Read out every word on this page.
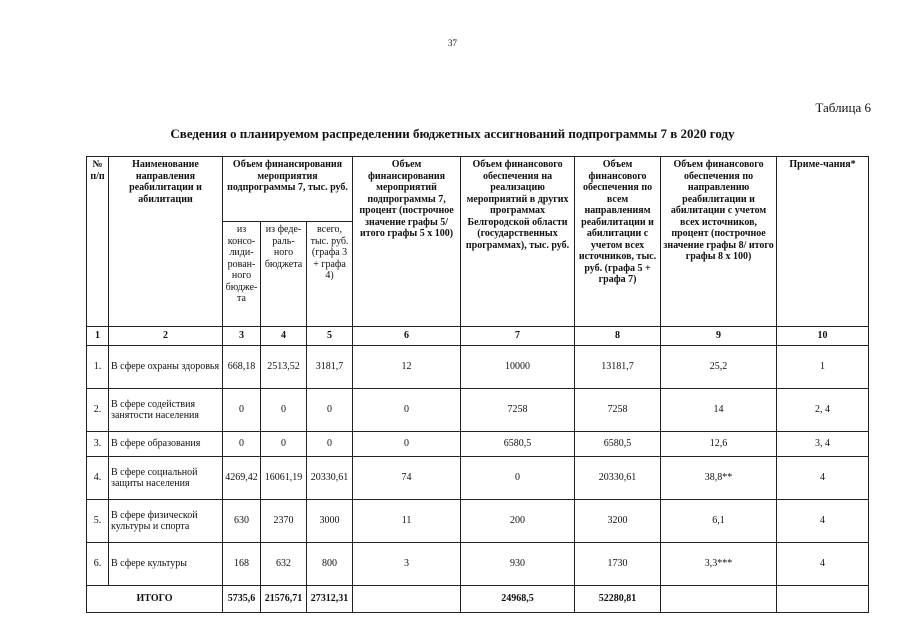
37
Таблица 6
Сведения о планируемом распределении бюджетных ассигнований подпрограммы 7 в 2020 году
№ п/п	Наименование направления реабилитации и абилитации	Объем финансирования мероприятия подпрограммы 7, тыс. руб.			Объем финансирования мероприятий подпрограммы 7, процент (построчное значение графы 5/ итого графы 5 х 100)	Объем финансового обеспечения на реализацию мероприятий в других программах Белгородской области (государственных программах), тыс. руб.	Объем финансового обеспечения по всем направлениям реабилитации и абилитации с учетом всех источников, тыс. руб. (графа 5 + графа 7)	Объем финансового обеспечения по направлению реабилитации и абилитации с учетом всех источников, процент (построчное значение графы 8/ итого графы 8 х 100)	Приме-чания*
		из консо-лиди-рован-ного бюдже-та	из феде-раль-ного бюджета	всего, тыс. руб. (графа 3 + графа 4)					
1	2	3	4	5	6	7	8	9	10
1.	В сфере охраны здоровья	668,18	2513,52	3181,7	12	10000	13181,7	25,2	1
2.	В сфере содействия занятости населения	0	0	0	0	7258	7258	14	2, 4
3.	В сфере образования	0	0	0	0	6580,5	6580,5	12,6	3, 4
4.	В сфере социальной защиты населения	4269,42	16061,19	20330,61	74	0	20330,61	38,8**	4
5.	В сфере физической культуры и спорта	630	2370	3000	11	200	3200	6,1	4
6.	В сфере культуры	168	632	800	3	930	1730	3,3***	4
ИТОГО		5735,6	21576,71	27312,31		24968,5	52280,81		
